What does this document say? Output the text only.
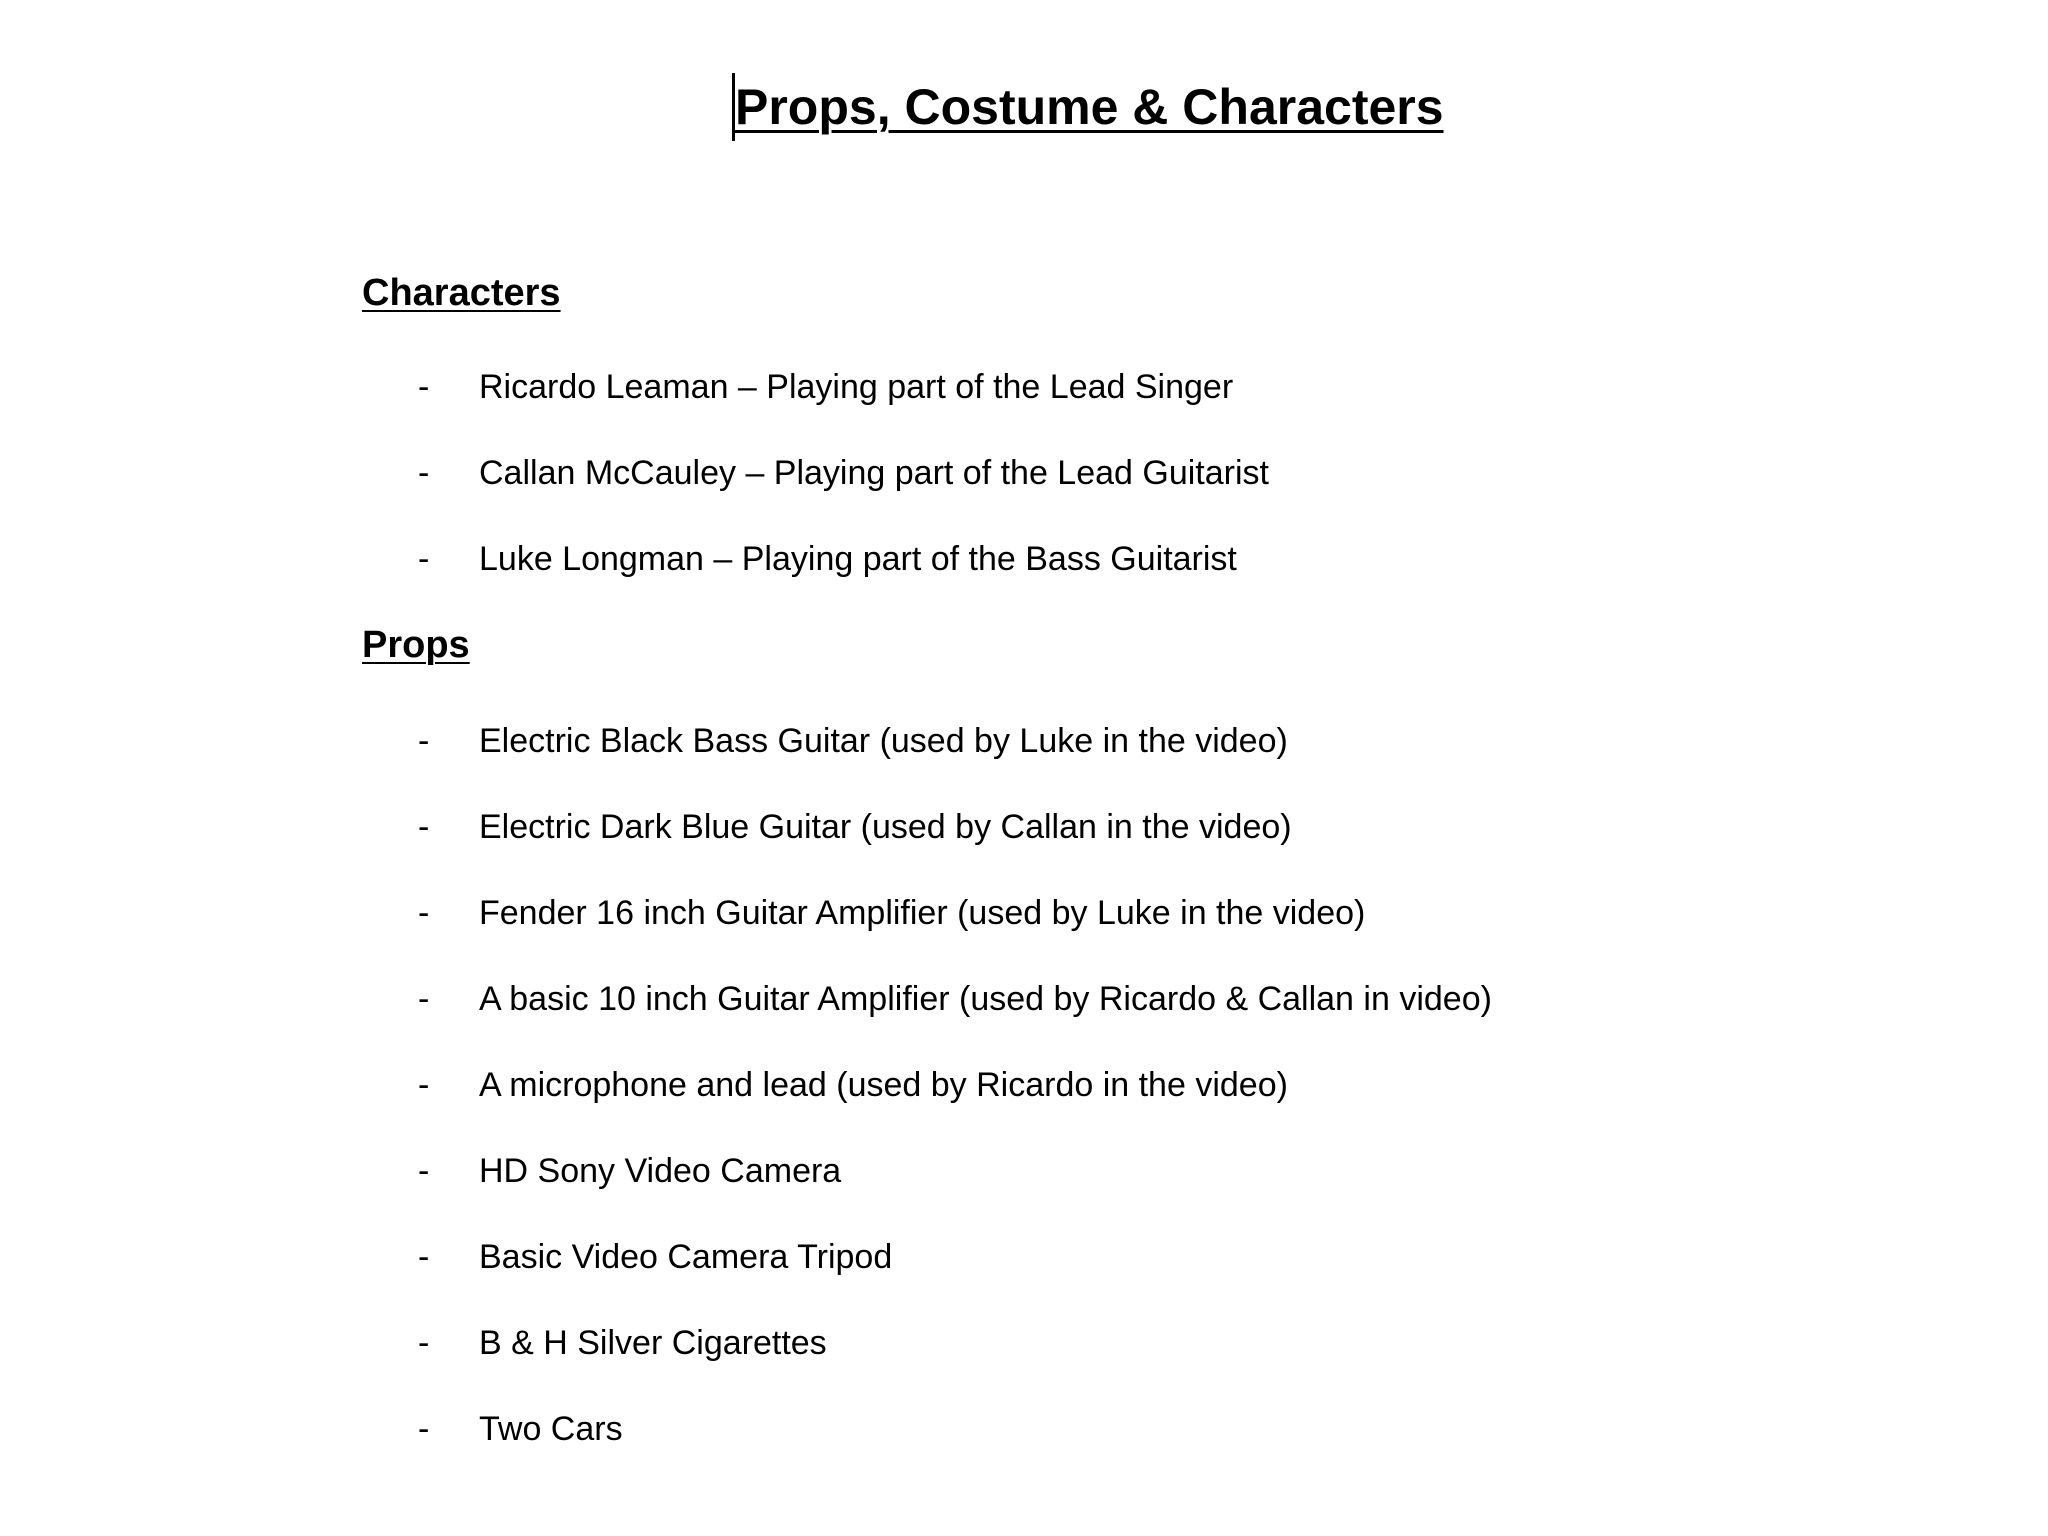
Props, Costume & Characters
Characters
- Ricardo Leaman – Playing part of the Lead Singer
- Callan McCauley – Playing part of the Lead Guitarist
- Luke Longman – Playing part of the Bass Guitarist
Props
- Electric Black Bass Guitar (used by Luke in the video)
- Electric Dark Blue Guitar (used by Callan in the video)
- Fender 16 inch Guitar Amplifier (used by Luke in the video)
- A basic 10 inch Guitar Amplifier (used by Ricardo & Callan in video)
- A microphone and lead (used by Ricardo in the video)
- HD Sony Video Camera
- Basic Video Camera Tripod
- B & H Silver Cigarettes
- Two Cars
